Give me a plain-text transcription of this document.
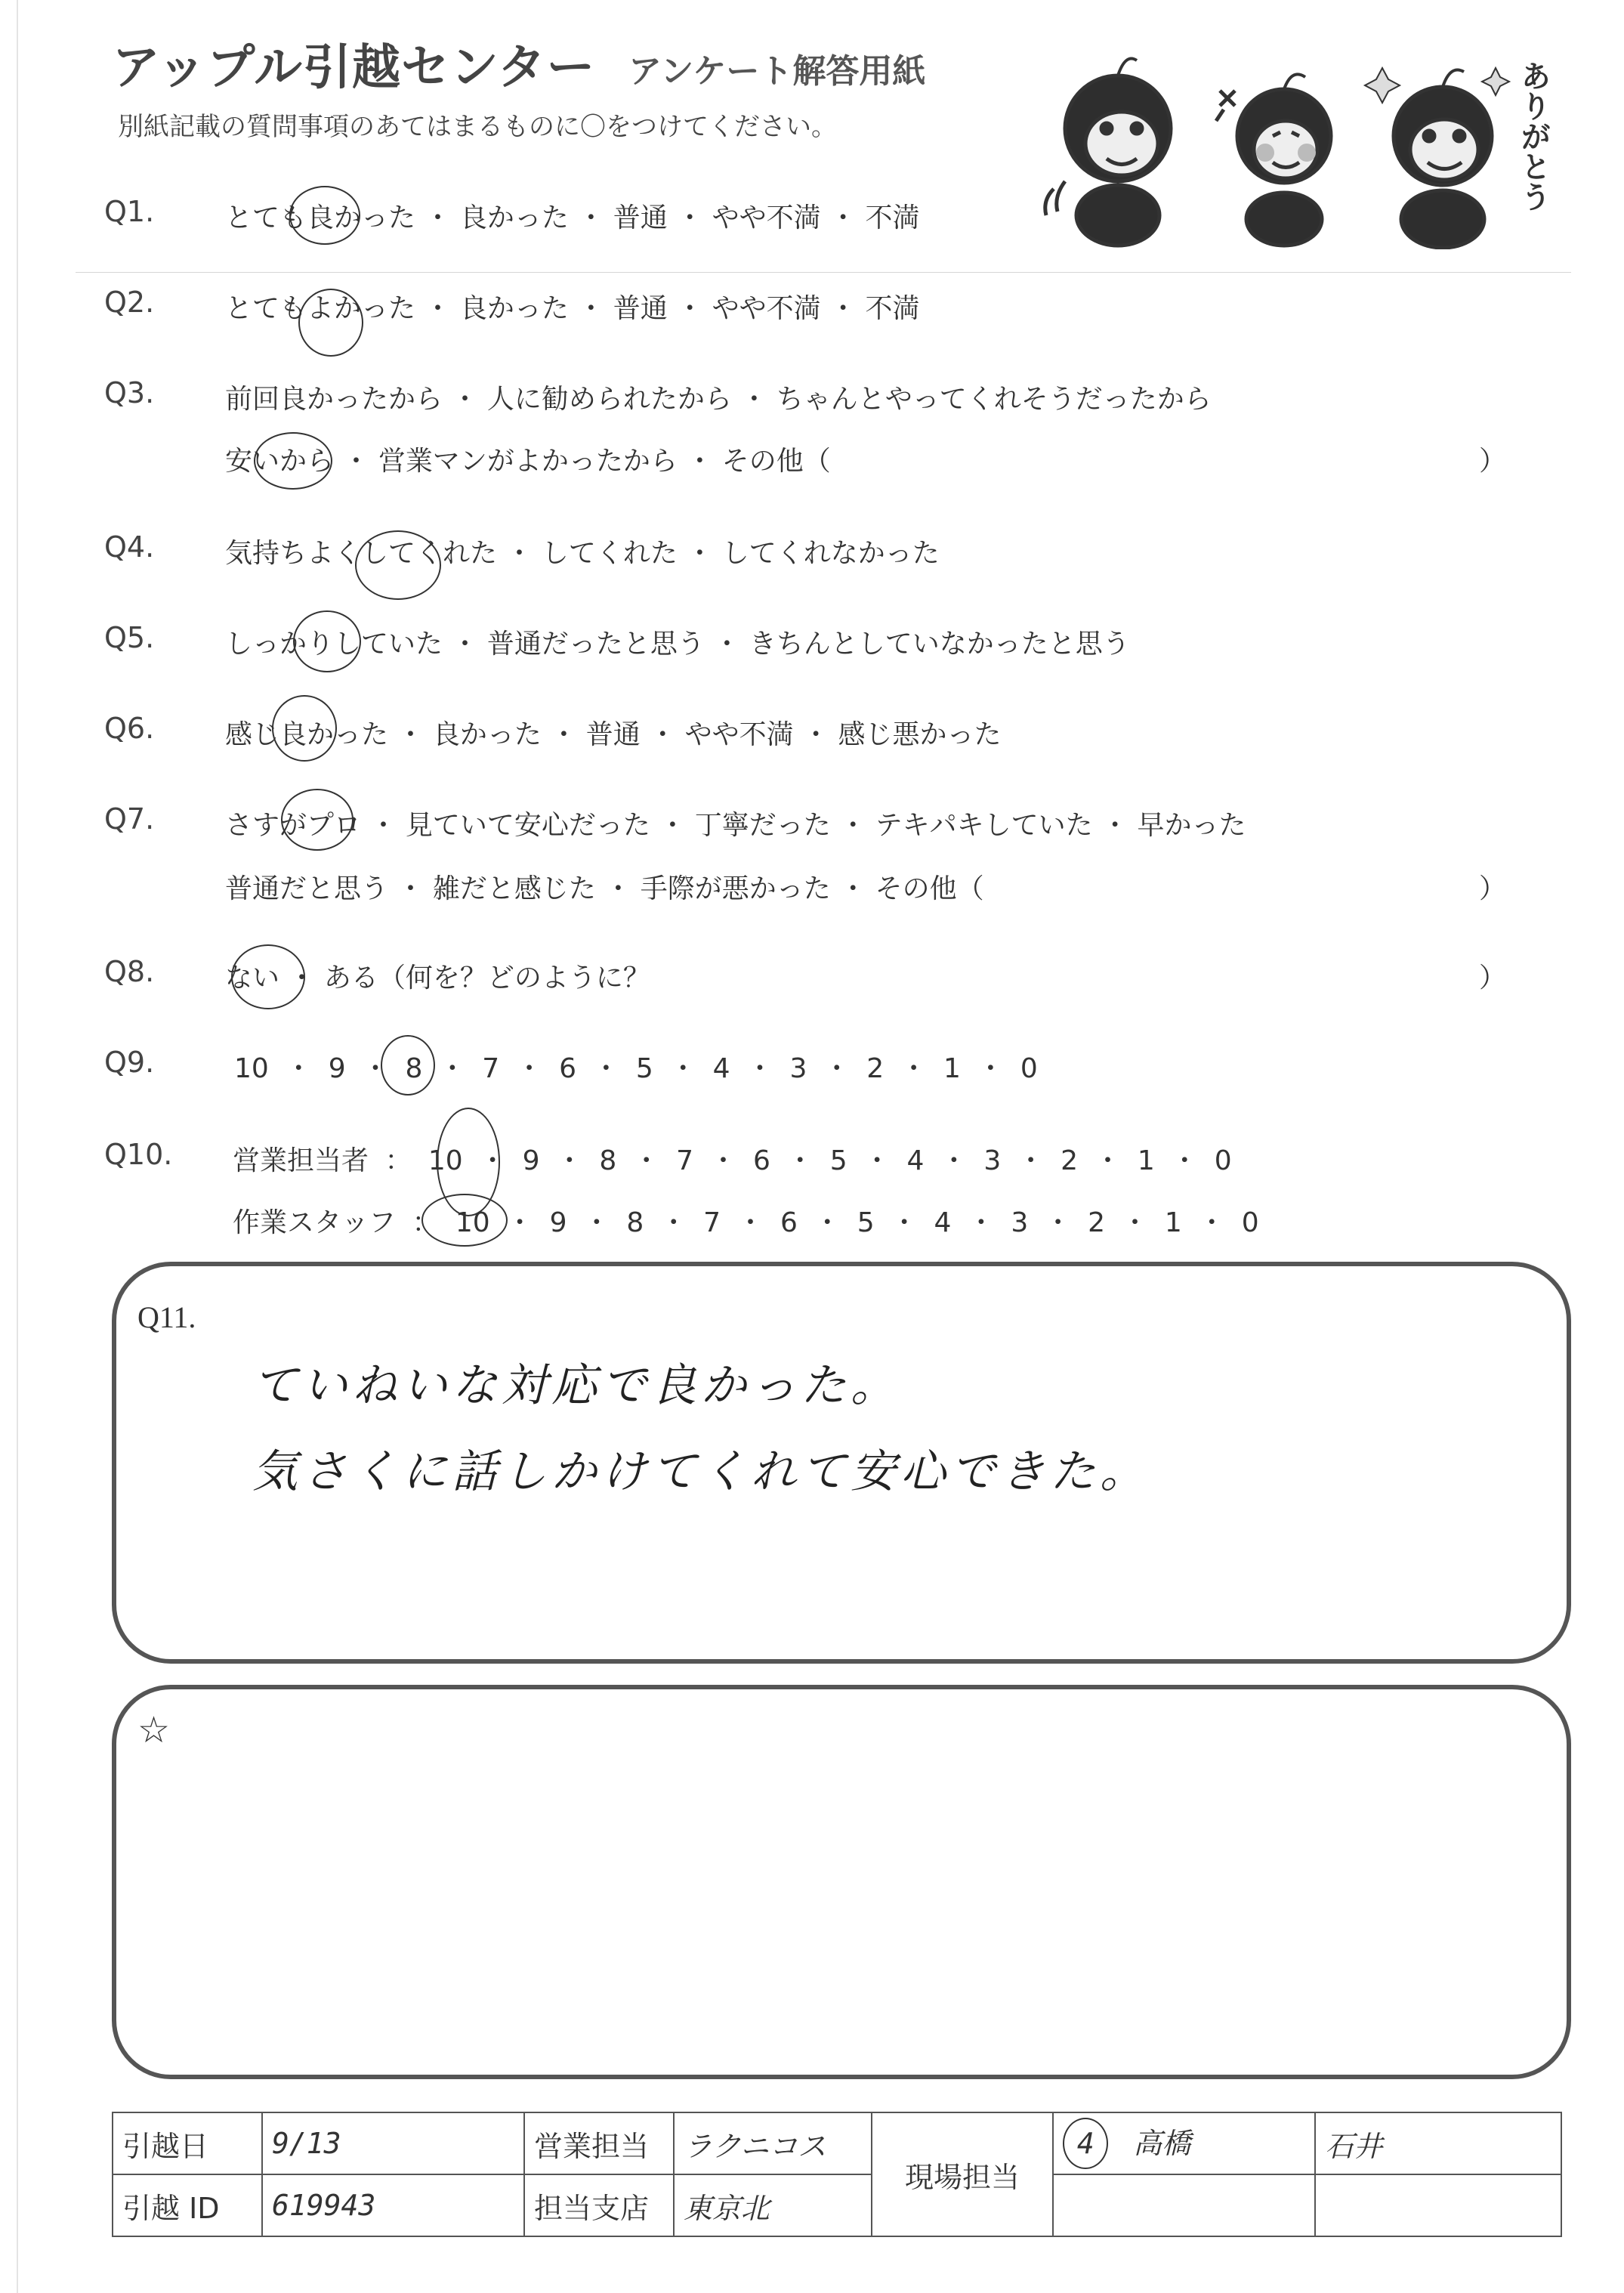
アップル引越センター アンケート解答用紙
別紙記載の質問事項のあてはまるものに〇をつけてください。	ありがとう
Q1.	とても良かった ・ 良かった ・ 普通 ・ やや不満 ・ 不満
Q2.	とてもよかった ・ 良かった ・ 普通 ・ やや不満 ・ 不満
Q3.	前回良かったから ・ 人に勧められたから ・ ちゃんとやってくれそうだったから
安いから ・ 営業マンがよかったから ・ その他（	）
Q4.	気持ちよくしてくれた ・ してくれた ・ してくれなかった
Q5.	しっかりしていた ・ 普通だったと思う ・ きちんとしていなかったと思う
Q6.	感じ良かった ・ 良かった ・ 普通 ・ やや不満 ・ 感じ悪かった
Q7.	さすがプロ ・ 見ていて安心だった ・ 丁寧だった ・ テキパキしていた ・ 早かった
普通だと思う ・ 雑だと感じた ・ 手際が悪かった ・ その他（	）
Q8.	ない ・ ある（何を？どのように？	）
Q9.	10 ・ 9 ・ 8 ・ 7 ・ 6 ・ 5 ・ 4 ・ 3 ・ 2 ・ 1 ・ 0
Q10. 営業担当者 ： 10 ・ 9 ・ 8 ・ 7 ・ 6 ・ 5 ・ 4 ・ 3 ・ 2 ・ 1 ・ 0
作業スタッフ ： 10 ・ 9 ・ 8 ・ 7 ・ 6 ・ 5 ・ 4 ・ 3 ・ 2 ・ 1 ・ 0
Q11.
ていねいな対応で良かった。
気さくに話しかけてくれて安心できた。
☆
引越日	9/13	営業担当	ラクニコス	現場担当	4 高橋	石井
引越 ID	619943	担当支店	東京北			
